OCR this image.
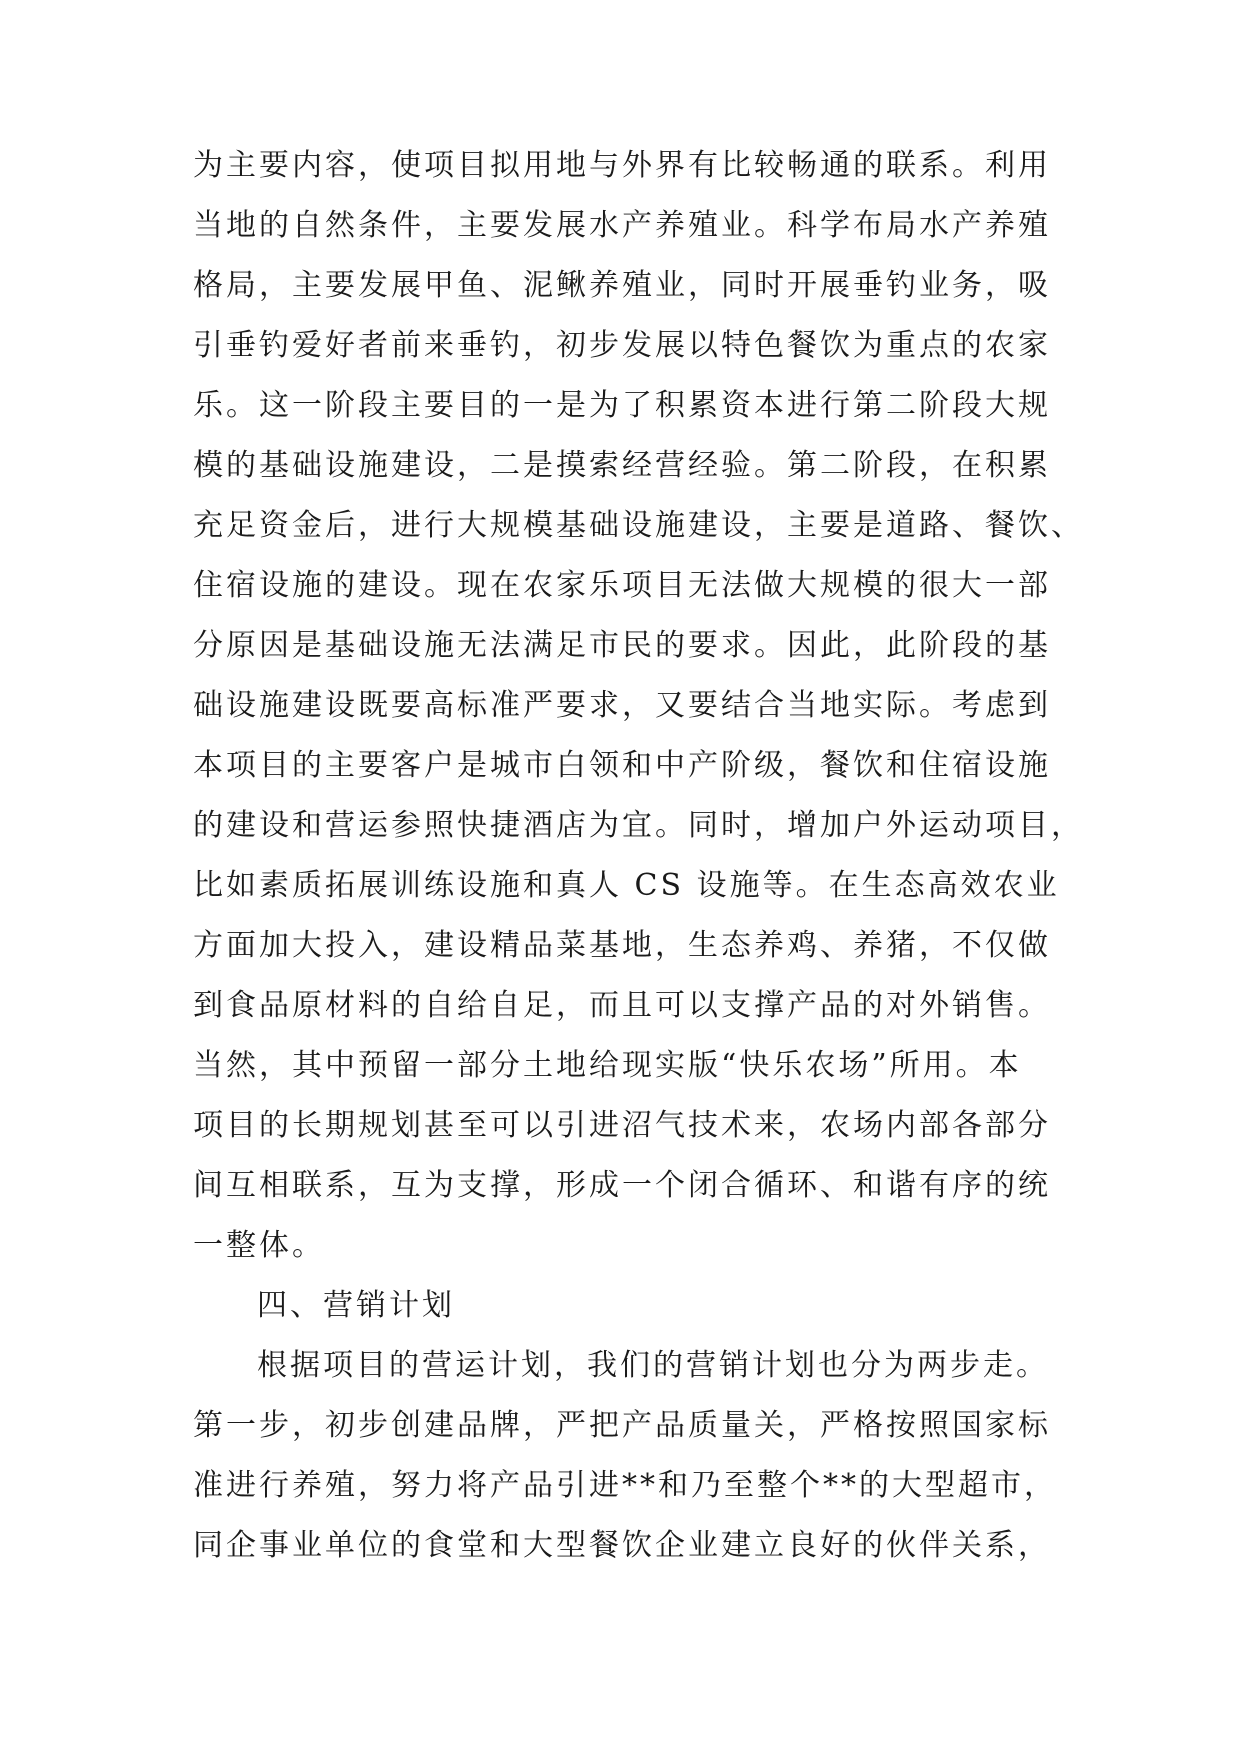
为主要内容，使项目拟用地与外界有比较畅通的联系。利用
当地的自然条件，主要发展水产养殖业。科学布局水产养殖
格局，主要发展甲鱼、泥鳅养殖业，同时开展垂钓业务，吸
引垂钓爱好者前来垂钓，初步发展以特色餐饮为重点的农家
乐。这一阶段主要目的一是为了积累资本进行第二阶段大规
模的基础设施建设，二是摸索经营经验。第二阶段，在积累
充足资金后，进行大规模基础设施建设，主要是道路、餐饮、
住宿设施的建设。现在农家乐项目无法做大规模的很大一部
分原因是基础设施无法满足市民的要求。因此，此阶段的基
础设施建设既要高标准严要求，又要结合当地实际。考虑到
本项目的主要客户是城市白领和中产阶级，餐饮和住宿设施
的建设和营运参照快捷酒店为宜。同时，增加户外运动项目，
比如素质拓展训练设施和真人 CS 设施等。在生态高效农业
方面加大投入，建设精品菜基地，生态养鸡、养猪，不仅做
到食品原材料的自给自足，而且可以支撑产品的对外销售。
当然，其中预留一部分土地给现实版“快乐农场”所用。本
项目的长期规划甚至可以引进沼气技术来，农场内部各部分
间互相联系，互为支撑，形成一个闭合循环、和谐有序的统
一整体。
四、营销计划
根据项目的营运计划，我们的营销计划也分为两步走。
第一步，初步创建品牌，严把产品质量关，严格按照国家标
准进行养殖，努力将产品引进**和乃至整个**的大型超市，
同企事业单位的食堂和大型餐饮企业建立良好的伙伴关系，
